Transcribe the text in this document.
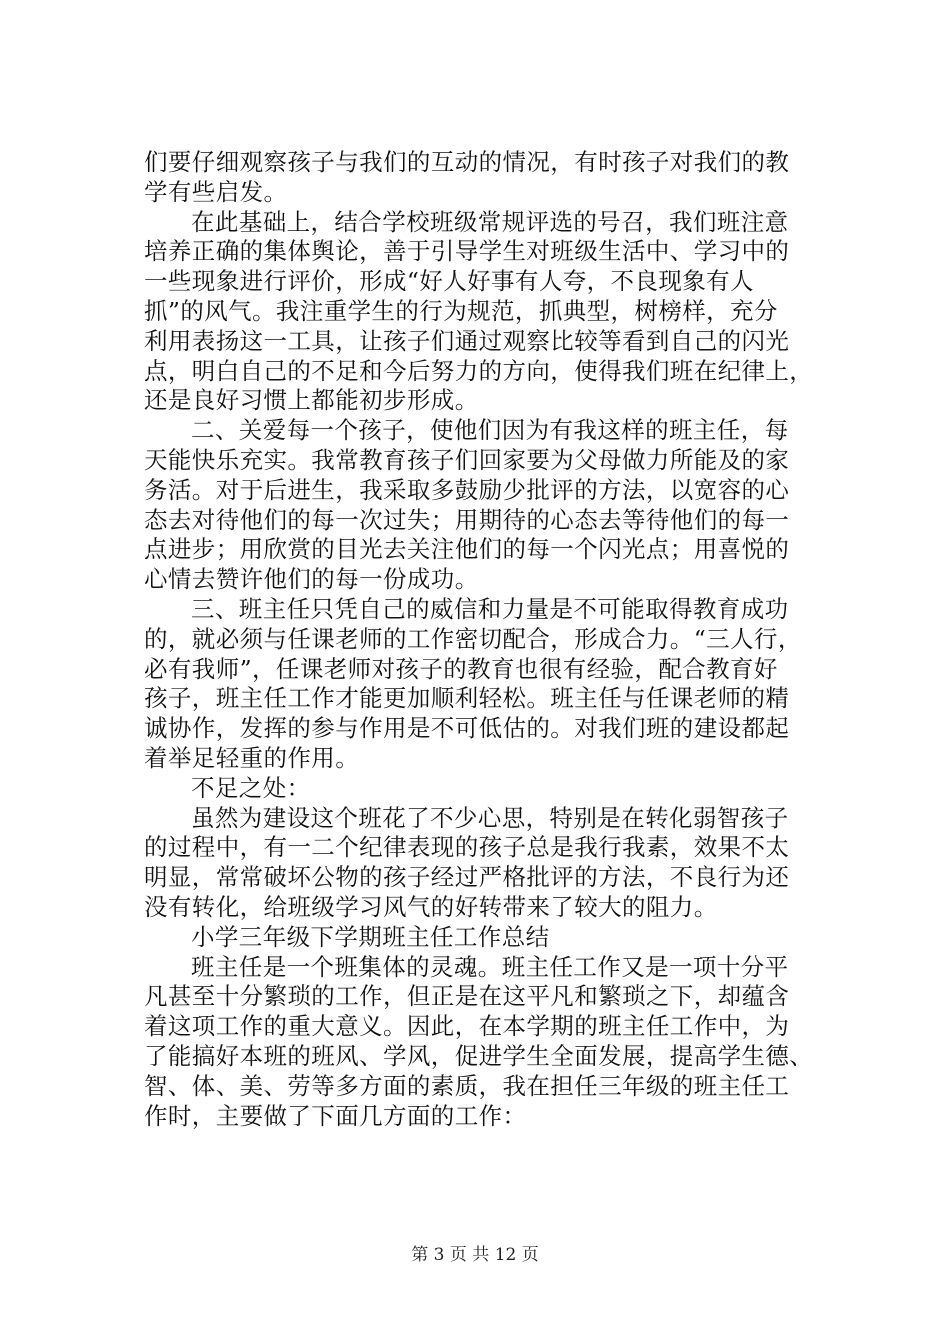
们要仔细观察孩子与我们的互动的情况，有时孩子对我们的教
学有些启发。
在此基础上，结合学校班级常规评选的号召，我们班注意
培养正确的集体舆论，善于引导学生对班级生活中、学习中的
一些现象进行评价，形成“好人好事有人夸，不良现象有人
抓”的风气。我注重学生的行为规范，抓典型，树榜样，充分
利用表扬这一工具，让孩子们通过观察比较等看到自己的闪光
点，明白自己的不足和今后努力的方向，使得我们班在纪律上，
还是良好习惯上都能初步形成。
二、关爱每一个孩子，使他们因为有我这样的班主任，每
天能快乐充实。我常教育孩子们回家要为父母做力所能及的家
务活。对于后进生，我采取多鼓励少批评的方法，以宽容的心
态去对待他们的每一次过失；用期待的心态去等待他们的每一
点进步；用欣赏的目光去关注他们的每一个闪光点；用喜悦的
心情去赞许他们的每一份成功。
三、班主任只凭自己的威信和力量是不可能取得教育成功
的，就必须与任课老师的工作密切配合，形成合力。“三人行，
必有我师”，任课老师对孩子的教育也很有经验，配合教育好
孩子，班主任工作才能更加顺利轻松。班主任与任课老师的精
诚协作，发挥的参与作用是不可低估的。对我们班的建设都起
着举足轻重的作用。
不足之处：
虽然为建设这个班花了不少心思，特别是在转化弱智孩子
的过程中，有一二个纪律表现的孩子总是我行我素，效果不太
明显，常常破坏公物的孩子经过严格批评的方法，不良行为还
没有转化，给班级学习风气的好转带来了较大的阻力。
小学三年级下学期班主任工作总结
班主任是一个班集体的灵魂。班主任工作又是一项十分平
凡甚至十分繁琐的工作，但正是在这平凡和繁琐之下，却蕴含
着这项工作的重大意义。因此，在本学期的班主任工作中，为
了能搞好本班的班风、学风，促进学生全面发展，提高学生德、
智、体、美、劳等多方面的素质，我在担任三年级的班主任工
作时，主要做了下面几方面的工作：
第 3 页 共 12 页
